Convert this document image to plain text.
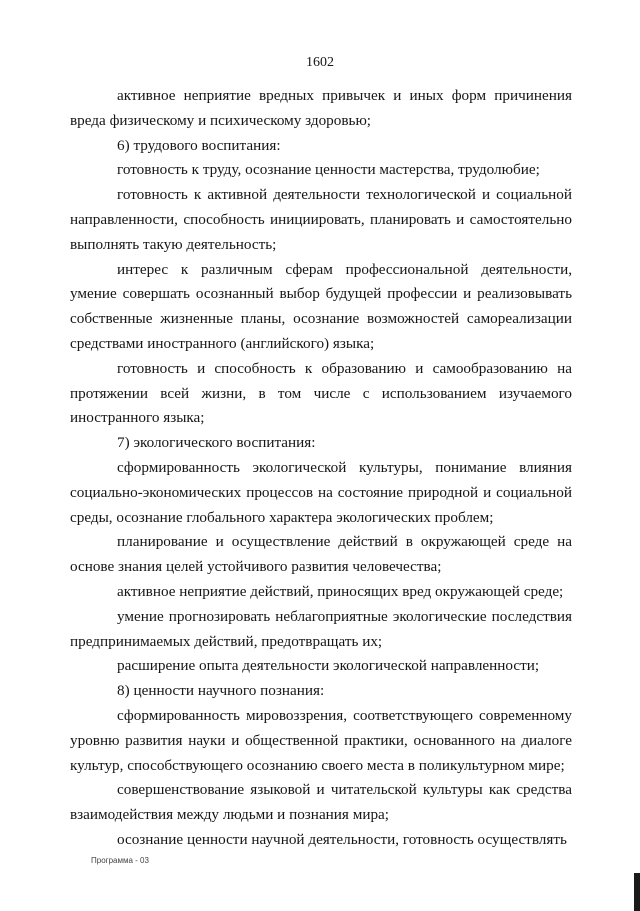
1602

активное неприятие вредных привычек и иных форм причинения вреда физическому и психическому здоровью;

6) трудового воспитания:

готовность к труду, осознание ценности мастерства, трудолюбие;

готовность к активной деятельности технологической и социальной направленности, способность инициировать, планировать и самостоятельно выполнять такую деятельность;

интерес к различным сферам профессиональной деятельности, умение совершать осознанный выбор будущей профессии и реализовывать собственные жизненные планы, осознание возможностей самореализации средствами иностранного (английского) языка;

готовность и способность к образованию и самообразованию на протяжении всей жизни, в том числе с использованием изучаемого иностранного языка;

7) экологического воспитания:

сформированность экологической культуры, понимание влияния социально-экономических процессов на состояние природной и социальной среды, осознание глобального характера экологических проблем;

планирование и осуществление действий в окружающей среде на основе знания целей устойчивого развития человечества;

активное неприятие действий, приносящих вред окружающей среде;

умение прогнозировать неблагоприятные экологические последствия предпринимаемых действий, предотвращать их;

расширение опыта деятельности экологической направленности;

8) ценности научного познания:

сформированность мировоззрения, соответствующего современному уровню развития науки и общественной практики, основанного на диалоге культур, способствующего осознанию своего места в поликультурном мире;

совершенствование языковой и читательской культуры как средства взаимодействия между людьми и познания мира;

осознание ценности научной деятельности, готовность осуществлять

Программа - 03
